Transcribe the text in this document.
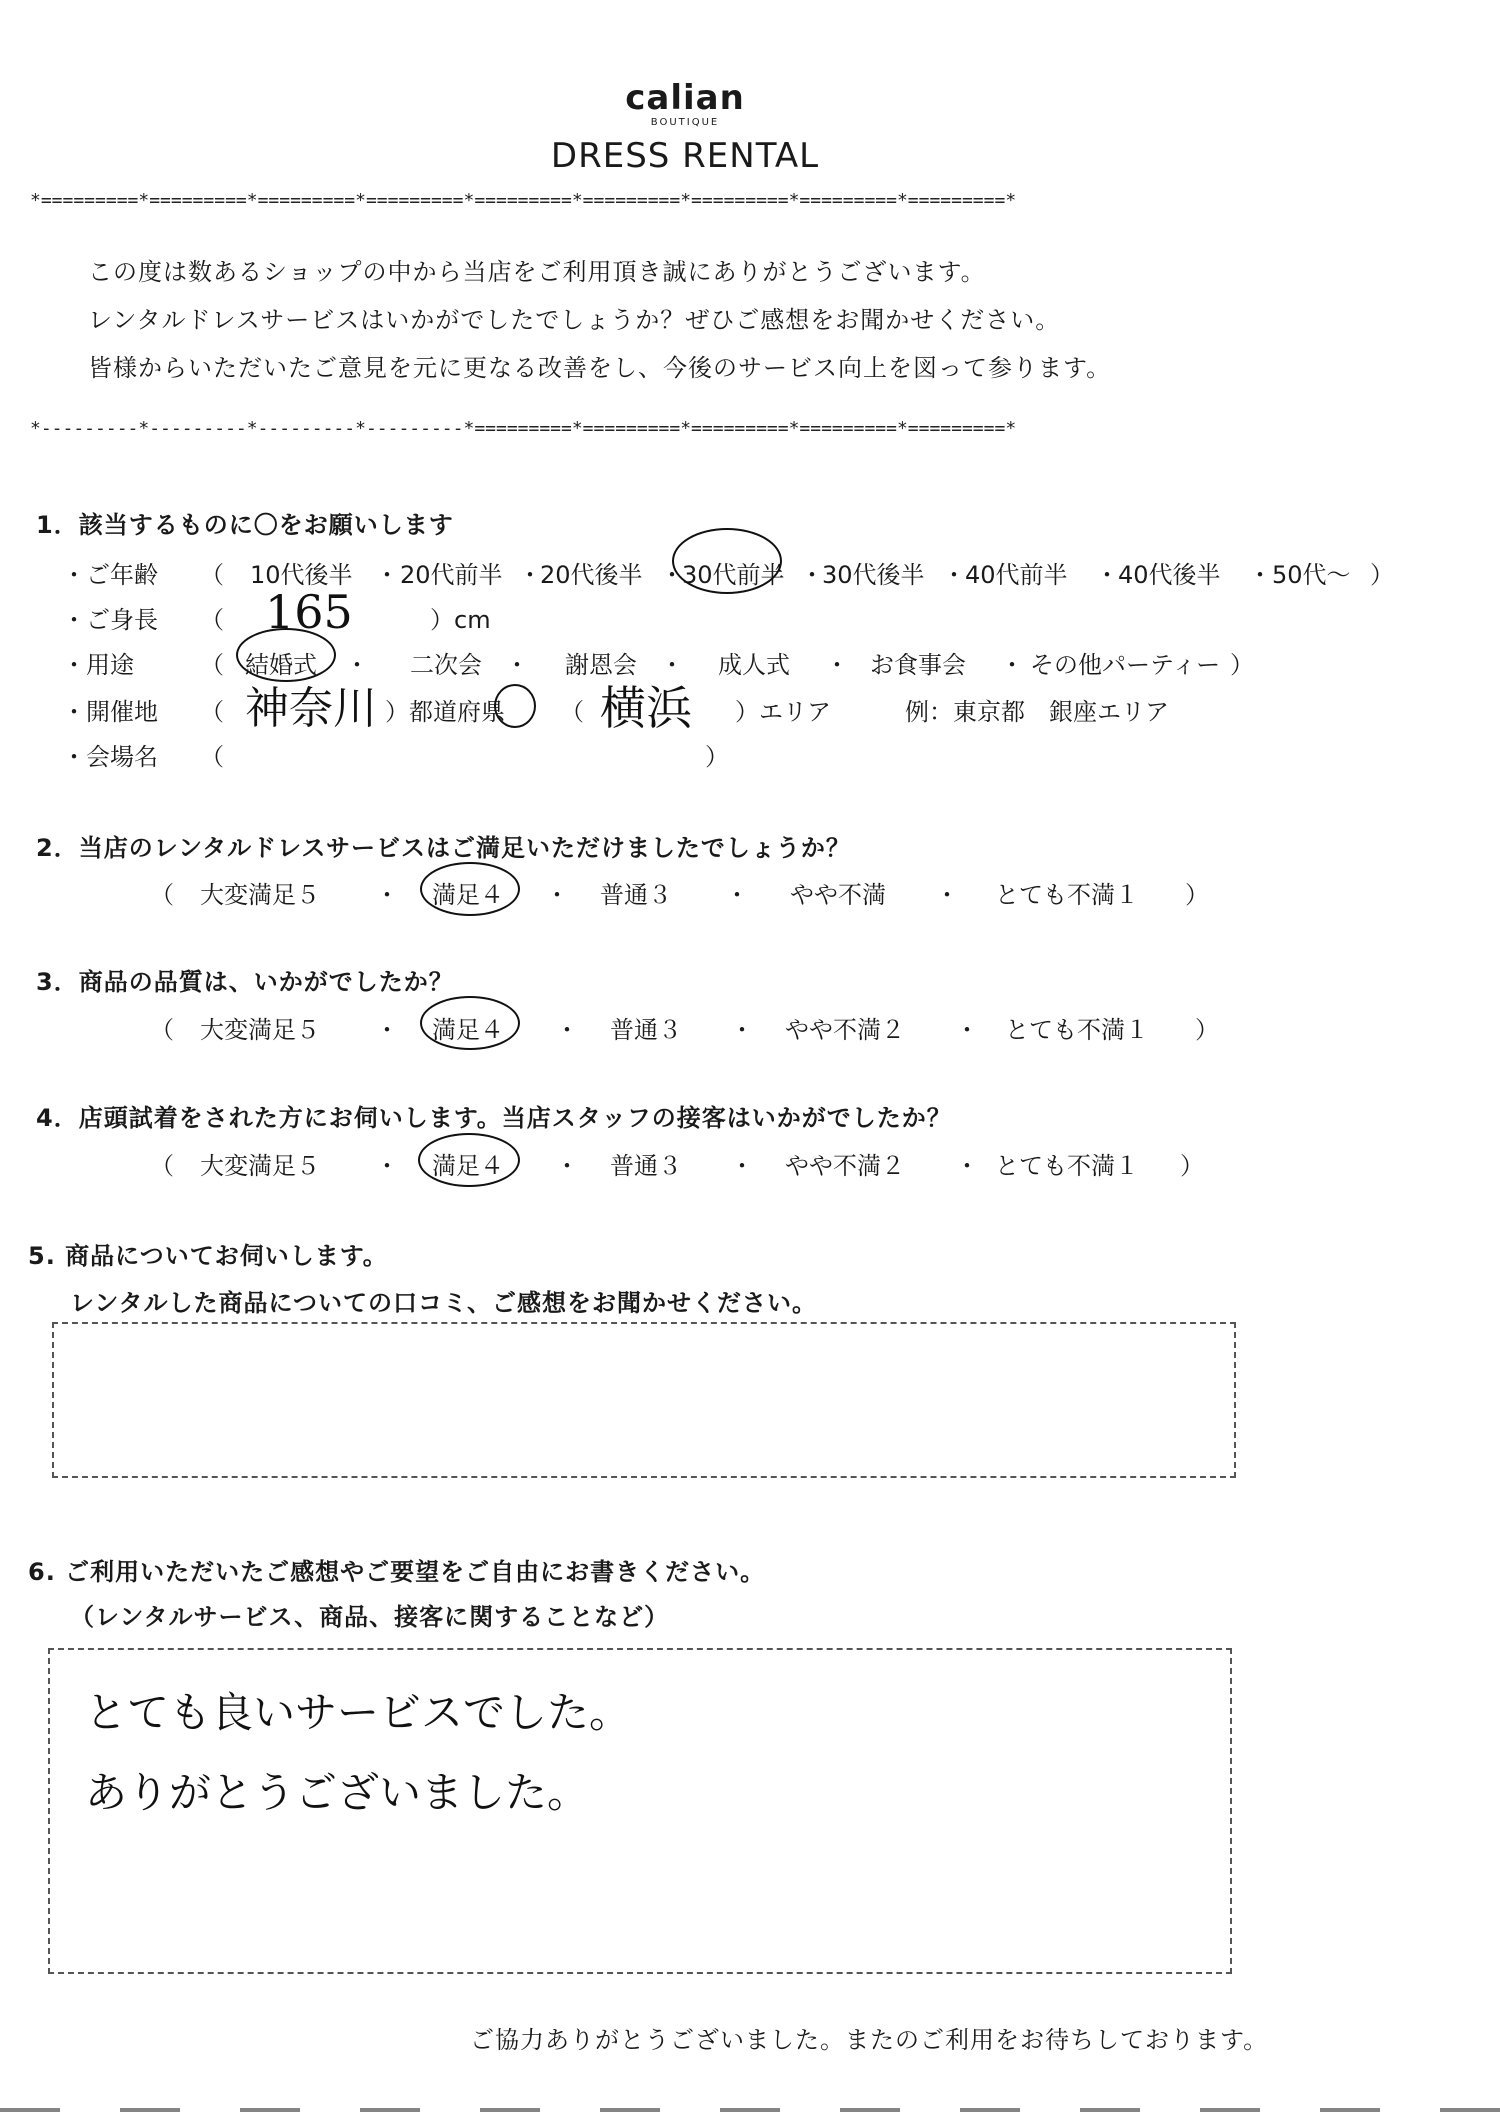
calian
BOUTIQUE
DRESS RENTAL
*=========*=========*=========*=========*=========*=========*=========*=========*=========*
この度は数あるショップの中から当店をご利用頂き誠にありがとうございます。
レンタルドレスサービスはいかがでしたでしょうか？ぜひご感想をお聞かせください。
皆様からいただいたご意見を元に更なる改善をし、今後のサービス向上を図って参ります。
*---------*---------*---------*---------*=========*=========*=========*=========*=========*
1．該当するものに〇をお願いします
・ご年齢 （ 10代後半 ・ 20代前半 ・
20代後半 ・
30代前半 ・
30代後半 ・ 40代前半 ・ 40代後半 ・ 50代～ ）
・ご身長 （ 165	）cm
・用途	（ 結婚式 ・ 二次会 ・ 謝恩会 ・ 成人式 ・ お食事会 ・ その他パーティー ）
・開催地 （ 神奈川 ）都道府県 （ 横浜 ）エリア	例：東京都　銀座エリア
・会場名 （	）
2．当店のレンタルドレスサービスはご満足いただけましたでしょうか？
（ 大変満足５ ・ 満足４ ・ 普通３ ・ やや不満 ・ とても不満１ ）
3．商品の品質は、いかがでしたか？
（ 大変満足５ ・ 満足４ ・ 普通３ ・ やや不満２ ・ とても不満１ ）
4．店頭試着をされた方にお伺いします。当店スタッフの接客はいかがでしたか？
（ 大変満足５ ・ 満足４ ・ 普通３ ・ やや不満２ ・ とても不満１ ）
5. 商品についてお伺いします。
レンタルした商品についての口コミ、ご感想をお聞かせください。
6. ご利用いただいたご感想やご要望をご自由にお書きください。
（レンタルサービス、商品、接客に関することなど）
とても良いサービスでした。
ありがとうございました。
ご協力ありがとうございました。またのご利用をお待ちしております。
